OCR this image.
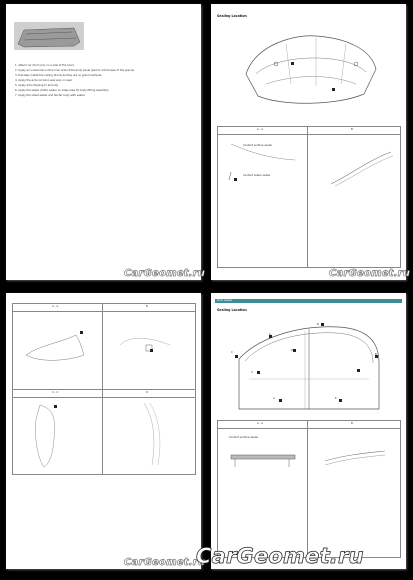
1. Attach car (from pin) on a side of the hood.
2. Apply an undercoat on the inner side of the body panel (pad to a thickness of the grains).
3. Precisely install the ceiling (front) as they are on grand surfaces.
4. Apply the anti-corrosion wax wax on seal.
5. Apply anti-chipping to all body.
6. Apply the sealer (both) sealer on sides area for body fitting assembly.
7. Apply the sheet sealer and fender body with sealer.
CarGeomet.ru
Sealing Location
A - A	B
Contact surface sealer
Contact sealer sealer
CarGeomet.ru
A - A	B
C - C	D
CarGeomet.ru
Door sealer
Sealing Location
A
B
C
D
B
C
A	E
A - A	B
Contact surface sealer
CarGeomet.ru
